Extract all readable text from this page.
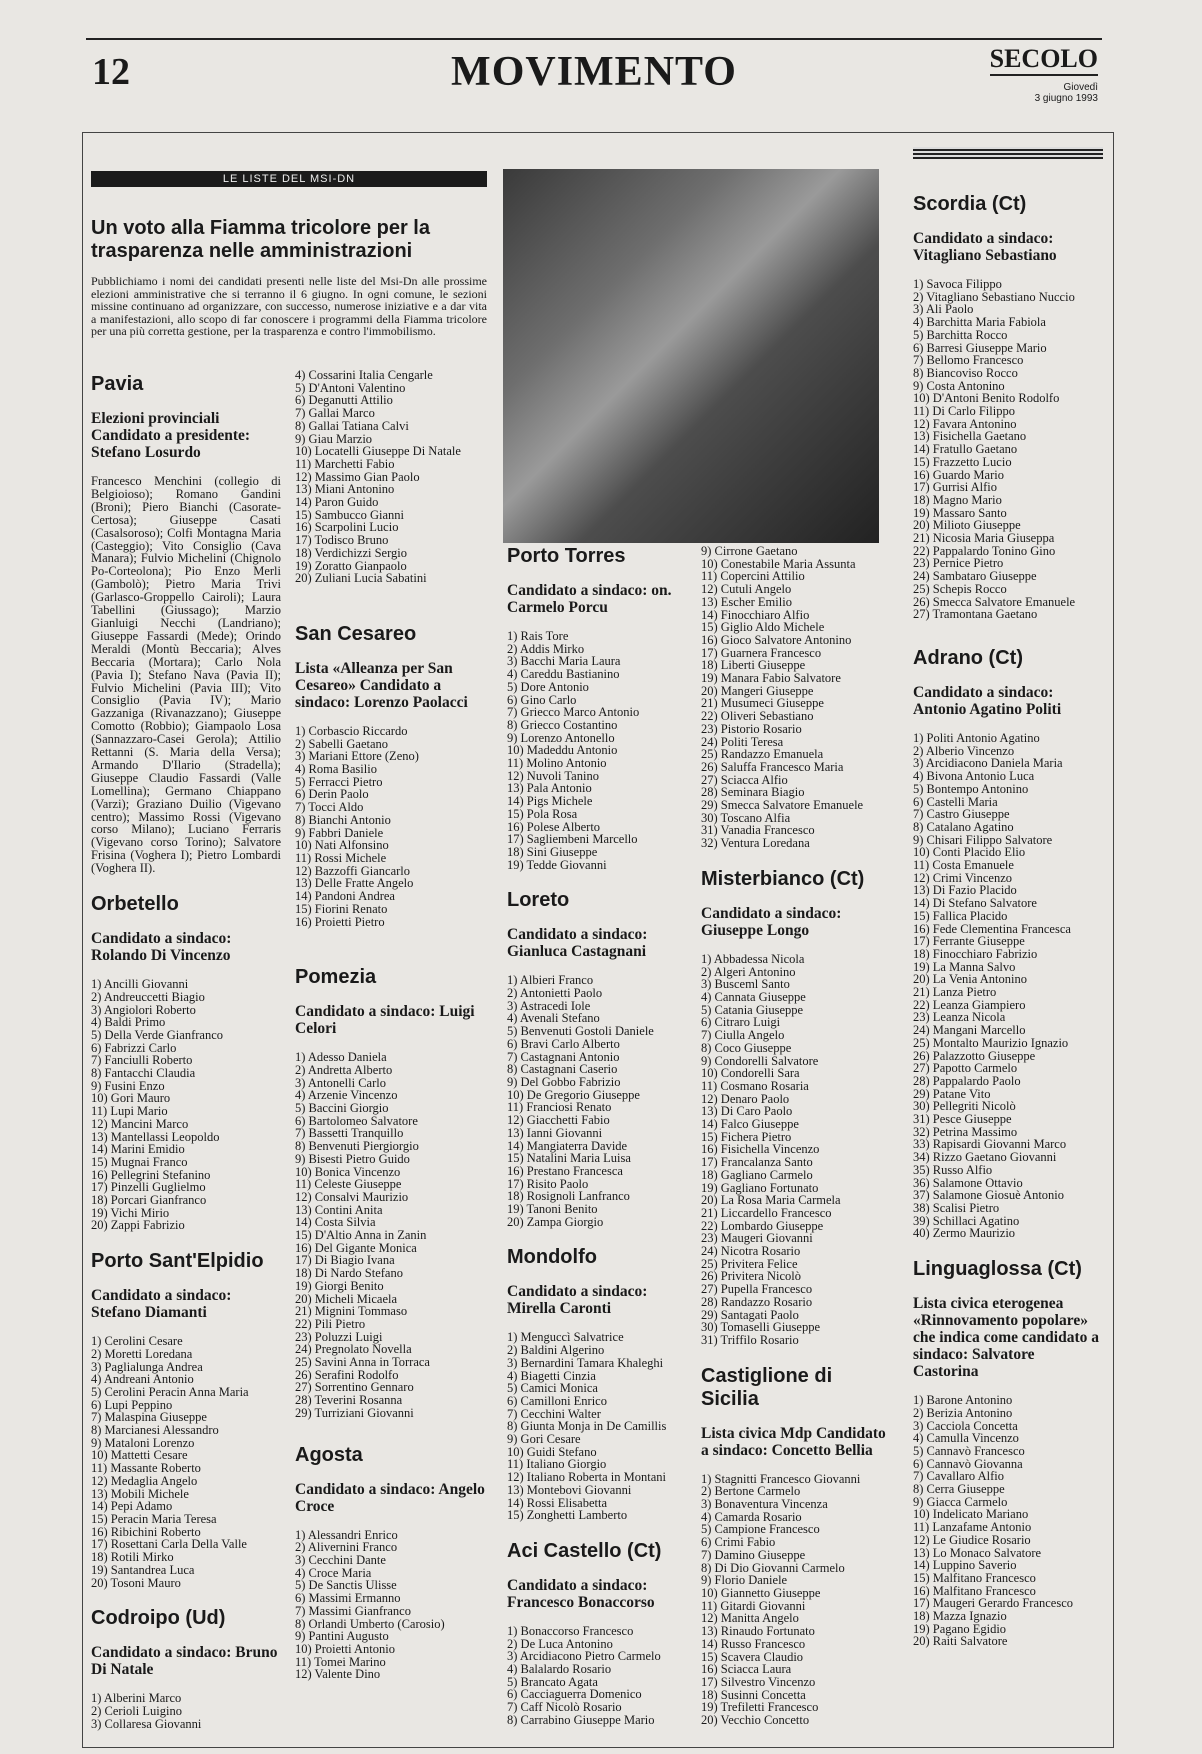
12	MOVIMENTO	SECOLO
Giovedì
3 giugno 1993
LE LISTE DEL MSI-DN
Un voto alla Fiamma tricolore per la trasparenza nelle amministrazioni
Pubblichiamo i nomi dei candidati presenti nelle liste del Msi-Dn alle prossime elezioni amministrative che si terranno il 6 giugno. In ogni comune, le sezioni missine continuano ad organizzare, con successo, numerose iniziative e a dar vita a manifestazioni, allo scopo di far conoscere i programmi della Fiamma tricolore per una più corretta gestione, per la trasparenza e contro l'immobilismo.
Pavia
Elezioni provinciali
Candidato a presidente: Stefano Losurdo
Francesco Menchini (collegio di Belgioioso); Romano Gandini (Broni); Piero Bianchi (Casorate-Certosa); Giuseppe Casati (Casalsoroso); Colfi Montagna Maria (Casteggio); Vito Consiglio (Cava Manara); Fulvio Michelini (Chignolo Po-Corteolona); Pio Enzo Merli (Gambolò); Pietro Maria Trivi (Garlasco-Groppello Cairoli); Laura Tabellini (Giussago); Marzio Gianluigi Necchi (Landriano); Giuseppe Fassardi (Mede); Orindo Meraldi (Montù Beccaria); Alves Beccaria (Mortara); Carlo Nola (Pavia I); Stefano Nava (Pavia II); Fulvio Michelini (Pavia III); Vito Consiglio (Pavia IV); Mario Gazzaniga (Rivanazzano); Giuseppe Comotto (Robbio); Giampaolo Losa (Sannazzaro-Casei Gerola); Attilio Rettanni (S. Maria della Versa); Armando D'Ilario (Stradella); Giuseppe Claudio Fassardi (Valle Lomellina); Germano Chiappano (Varzi); Graziano Duilio (Vigevano centro); Massimo Rossi (Vigevano corso Milano); Luciano Ferraris (Vigevano corso Torino); Salvatore Frisina (Voghera I); Pietro Lombardi (Voghera II).
Orbetello
Candidato a sindaco: Rolando Di Vincenzo
1) Ancilli Giovanni
2) Andreuccetti Biagio
3) Angiolori Roberto
4) Baldi Primo
5) Della Verde Gianfranco
6) Fabrizzi Carlo
7) Fanciulli Roberto
8) Fantacchi Claudia
9) Fusini Enzo
10) Gori Mauro
11) Lupi Mario
12) Mancini Marco
13) Mantellassi Leopoldo
14) Marini Emidio
15) Mugnai Franco
16) Pellegrini Stefanino
17) Pinzelli Guglielmo
18) Porcari Gianfranco
19) Vichi Mirio
20) Zappi Fabrizio
Porto Sant'Elpidio
Candidato a sindaco: Stefano Diamanti
1) Cerolini Cesare
2) Moretti Loredana
3) Paglialunga Andrea
4) Andreani Antonio
5) Cerolini Peracin Anna Maria
6) Lupi Peppino
7) Malaspina Giuseppe
8) Marcianesi Alessandro
9) Mataloni Lorenzo
10) Mattetti Cesare
11) Massante Roberto
12) Medaglia Angelo
13) Mobili Michele
14) Pepi Adamo
15) Peracin Maria Teresa
16) Ribichini Roberto
17) Rosettani Carla Della Valle
18) Rotili Mirko
19) Santandrea Luca
20) Tosoni Mauro
Codroipo (Ud)
Candidato a sindaco: Bruno Di Natale
1) Alberini Marco
2) Cerioli Luigino
3) Collaresa Giovanni
4) Cossarini Italia Cengarle
5) D'Antoni Valentino
6) Deganutti Attilio
7) Gallai Marco
8) Gallai Tatiana Calvi
9) Giau Marzio
10) Locatelli Giuseppe Di Natale
11) Marchetti Fabio
12) Massimo Gian Paolo
13) Miani Antonino
14) Paron Guido
15) Sambucco Gianni
16) Scarpolini Lucio
17) Todisco Bruno
18) Verdichizzi Sergio
19) Zoratto Gianpaolo
20) Zuliani Lucia Sabatini
San Cesareo
Lista «Alleanza per San Cesareo» Candidato a sindaco: Lorenzo Paolacci
1) Corbascio Riccardo
2) Sabelli Gaetano
3) Mariani Ettore (Zeno)
4) Roma Basilio
5) Ferracci Pietro
6) Derin Paolo
7) Tocci Aldo
8) Bianchi Antonio
9) Fabbri Daniele
10) Nati Alfonsino
11) Rossi Michele
12) Bazzoffi Giancarlo
13) Delle Fratte Angelo
14) Pandoni Andrea
15) Fiorini Renato
16) Proietti Pietro
Pomezia
Candidato a sindaco: Luigi Celori
1) Adesso Daniela
2) Andretta Alberto
3) Antonelli Carlo
4) Arzenie Vincenzo
5) Baccini Giorgio
6) Bartolomeo Salvatore
7) Bassetti Tranquillo
8) Benvenuti Piergiorgio
9) Bisesti Pietro Guido
10) Bonica Vincenzo
11) Celeste Giuseppe
12) Consalvi Maurizio
13) Contini Anita
14) Costa Silvia
15) D'Altio Anna in Zanin
16) Del Gigante Monica
17) Di Biagio Ivana
18) Di Nardo Stefano
19) Giorgi Benito
20) Micheli Micaela
21) Mignini Tommaso
22) Pili Pietro
23) Poluzzi Luigi
24) Pregnolato Novella
25) Savini Anna in Torraca
26) Serafini Rodolfo
27) Sorrentino Gennaro
28) Teverini Rosanna
29) Turriziani Giovanni
Agosta
Candidato a sindaco: Angelo Croce
1) Alessandri Enrico
2) Alivernini Franco
3) Cecchini Dante
4) Croce Maria
5) De Sanctis Ulisse
6) Massimi Ermanno
7) Massimi Gianfranco
8) Orlandi Umberto (Carosio)
9) Pantini Augusto
10) Proietti Antonio
11) Tomei Marino
12) Valente Dino
Porto Torres
Candidato a sindaco: on. Carmelo Porcu
1) Rais Tore
2) Addis Mirko
3) Bacchi Maria Laura
4) Careddu Bastianino
5) Dore Antonio
6) Gino Carlo
7) Griecco Marco Antonio
8) Griecco Costantino
9) Lorenzo Antonello
10) Madeddu Antonio
11) Molino Antonio
12) Nuvoli Tanino
13) Pala Antonio
14) Pigs Michele
15) Pola Rosa
16) Polese Alberto
17) Sagliembeni Marcello
18) Sini Giuseppe
19) Tedde Giovanni
Loreto
Candidato a sindaco: Gianluca Castagnani
1) Albieri Franco
2) Antonietti Paolo
3) Astracedi Iole
4) Avenali Stefano
5) Benvenuti Gostoli Daniele
6) Bravi Carlo Alberto
7) Castagnani Antonio
8) Castagnani Caserio
9) Del Gobbo Fabrizio
10) De Gregorio Giuseppe
11) Franciosi Renato
12) Giacchetti Fabio
13) Ianni Giovanni
14) Mangiaterra Davide
15) Natalini Maria Luisa
16) Prestano Francesca
17) Risito Paolo
18) Rosignoli Lanfranco
19) Tanoni Benito
20) Zampa Giorgio
Mondolfo
Candidato a sindaco: Mirella Caronti
1) Menguccì Salvatrice
2) Baldini Algerino
3) Bernardini Tamara Khaleghi
4) Biagetti Cinzia
5) Camici Monica
6) Camilloni Enrico
7) Cecchini Walter
8) Giunta Monja in De Camillis
9) Gori Cesare
10) Guidi Stefano
11) Italiano Giorgio
12) Italiano Roberta in Montani
13) Montebovi Giovanni
14) Rossi Elisabetta
15) Zonghetti Lamberto
Aci Castello (Ct)
Candidato a sindaco: Francesco Bonaccorso
1) Bonaccorso Francesco
2) De Luca Antonino
3) Arcidiacono Pietro Carmelo
4) Balalardo Rosario
5) Brancato Agata
6) Cacciaguerra Domenico
7) Caff Nicolò Rosario
8) Carrabino Giuseppe Mario
9) Cirrone Gaetano
10) Conestabile Maria Assunta
11) Copercini Attilio
12) Cutuli Angelo
13) Escher Emilio
14) Finocchiaro Alfio
15) Giglio Aldo Michele
16) Gioco Salvatore Antonino
17) Guarnera Francesco
18) Liberti Giuseppe
19) Manara Fabio Salvatore
20) Mangeri Giuseppe
21) Musumeci Giuseppe
22) Oliveri Sebastiano
23) Pistorio Rosario
24) Politi Teresa
25) Randazzo Emanuela
26) Saluffa Francesco Maria
27) Sciacca Alfio
28) Seminara Biagio
29) Smecca Salvatore Emanuele
30) Toscano Alfia
31) Vanadia Francesco
32) Ventura Loredana
Misterbianco (Ct)
Candidato a sindaco: Giuseppe Longo
1) Abbadessa Nicola
2) Algeri Antonino
3) Busceml Santo
4) Cannata Giuseppe
5) Catania Giuseppe
6) Citraro Luigi
7) Ciulla Angelo
8) Coco Giuseppe
9) Condorelli Salvatore
10) Condorelli Sara
11) Cosmano Rosaria
12) Denaro Paolo
13) Di Caro Paolo
14) Falco Giuseppe
15) Fichera Pietro
16) Fisichella Vincenzo
17) Francalanza Santo
18) Gagliano Carmelo
19) Gagliano Fortunato
20) La Rosa Maria Carmela
21) Liccardello Francesco
22) Lombardo Giuseppe
23) Maugeri Giovanni
24) Nicotra Rosario
25) Privitera Felice
26) Privitera Nicolò
27) Pupella Francesco
28) Randazzo Rosario
29) Santagati Paolo
30) Tomaselli Giuseppe
31) Triffilo Rosario
Castiglione di Sicilia
Lista civica Mdp Candidato a sindaco: Concetto Bellia
1) Stagnitti Francesco Giovanni
2) Bertone Carmelo
3) Bonaventura Vincenza
4) Camarda Rosario
5) Campione Francesco
6) Crimi Fabio
7) Damino Giuseppe
8) Di Dio Giovanni Carmelo
9) Florio Daniele
10) Giannetto Giuseppe
11) Gitardi Giovanni
12) Manitta Angelo
13) Rinaudo Fortunato
14) Russo Francesco
15) Scavera Claudio
16) Sciacca Laura
17) Silvestro Vincenzo
18) Susinni Concetta
19) Trefiletti Francesco
20) Vecchio Concetto
Scordia (Ct)
Candidato a sindaco: Vitagliano Sebastiano
1) Savoca Filippo
2) Vitagliano Sebastiano Nuccio
3) Ali Paolo
4) Barchitta Maria Fabiola
5) Barchitta Rocco
6) Barresi Giuseppe Mario
7) Bellomo Francesco
8) Biancoviso Rocco
9) Costa Antonino
10) D'Antoni Benito Rodolfo
11) Di Carlo Filippo
12) Favara Antonino
13) Fisichella Gaetano
14) Fratullo Gaetano
15) Frazzetto Lucio
16) Guardo Mario
17) Gurrisi Alfio
18) Magno Mario
19) Massaro Santo
20) Milioto Giuseppe
21) Nicosia Maria Giuseppa
22) Pappalardo Tonino Gino
23) Pernice Pietro
24) Sambataro Giuseppe
25) Schepis Rocco
26) Smecca Salvatore Emanuele
27) Tramontana Gaetano
Adrano (Ct)
Candidato a sindaco: Antonio Agatino Politi
1) Politi Antonio Agatino
2) Alberio Vincenzo
3) Arcidiacono Daniela Maria
4) Bivona Antonio Luca
5) Bontempo Antonino
6) Castelli Maria
7) Castro Giuseppe
8) Catalano Agatino
9) Chisari Filippo Salvatore
10) Conti Placido Elio
11) Costa Emanuele
12) Crimi Vincenzo
13) Di Fazio Placido
14) Di Stefano Salvatore
15) Fallica Placido
16) Fede Clementina Francesca
17) Ferrante Giuseppe
18) Finocchiaro Fabrizio
19) La Manna Salvo
20) La Venia Antonino
21) Lanza Pietro
22) Leanza Giampiero
23) Leanza Nicola
24) Mangani Marcello
25) Montalto Maurizio Ignazio
26) Palazzotto Giuseppe
27) Papotto Carmelo
28) Pappalardo Paolo
29) Patane Vito
30) Pellegriti Nicolò
31) Pesce Giuseppe
32) Petrina Massimo
33) Rapisardi Giovanni Marco
34) Rizzo Gaetano Giovanni
35) Russo Alfio
36) Salamone Ottavio
37) Salamone Giosuè Antonio
38) Scalisi Pietro
39) Schillaci Agatino
40) Zermo Maurizio
Linguaglossa (Ct)
Lista civica eterogenea «Rinnovamento popolare» che indica come candidato a sindaco: Salvatore Castorina
1) Barone Antonino
2) Berizia Antonino
3) Cacciola Concetta
4) Camulla Vincenzo
5) Cannavò Francesco
6) Cannavò Giovanna
7) Cavallaro Alfio
8) Cerra Giuseppe
9) Giacca Carmelo
10) Indelicato Mariano
11) Lanzafame Antonio
12) Le Giudice Rosario
13) Lo Monaco Salvatore
14) Luppino Saverio
15) Malfitano Francesco
16) Malfitano Francesco
17) Maugeri Gerardo Francesco
18) Mazza Ignazio
19) Pagano Egidio
20) Raiti Salvatore
